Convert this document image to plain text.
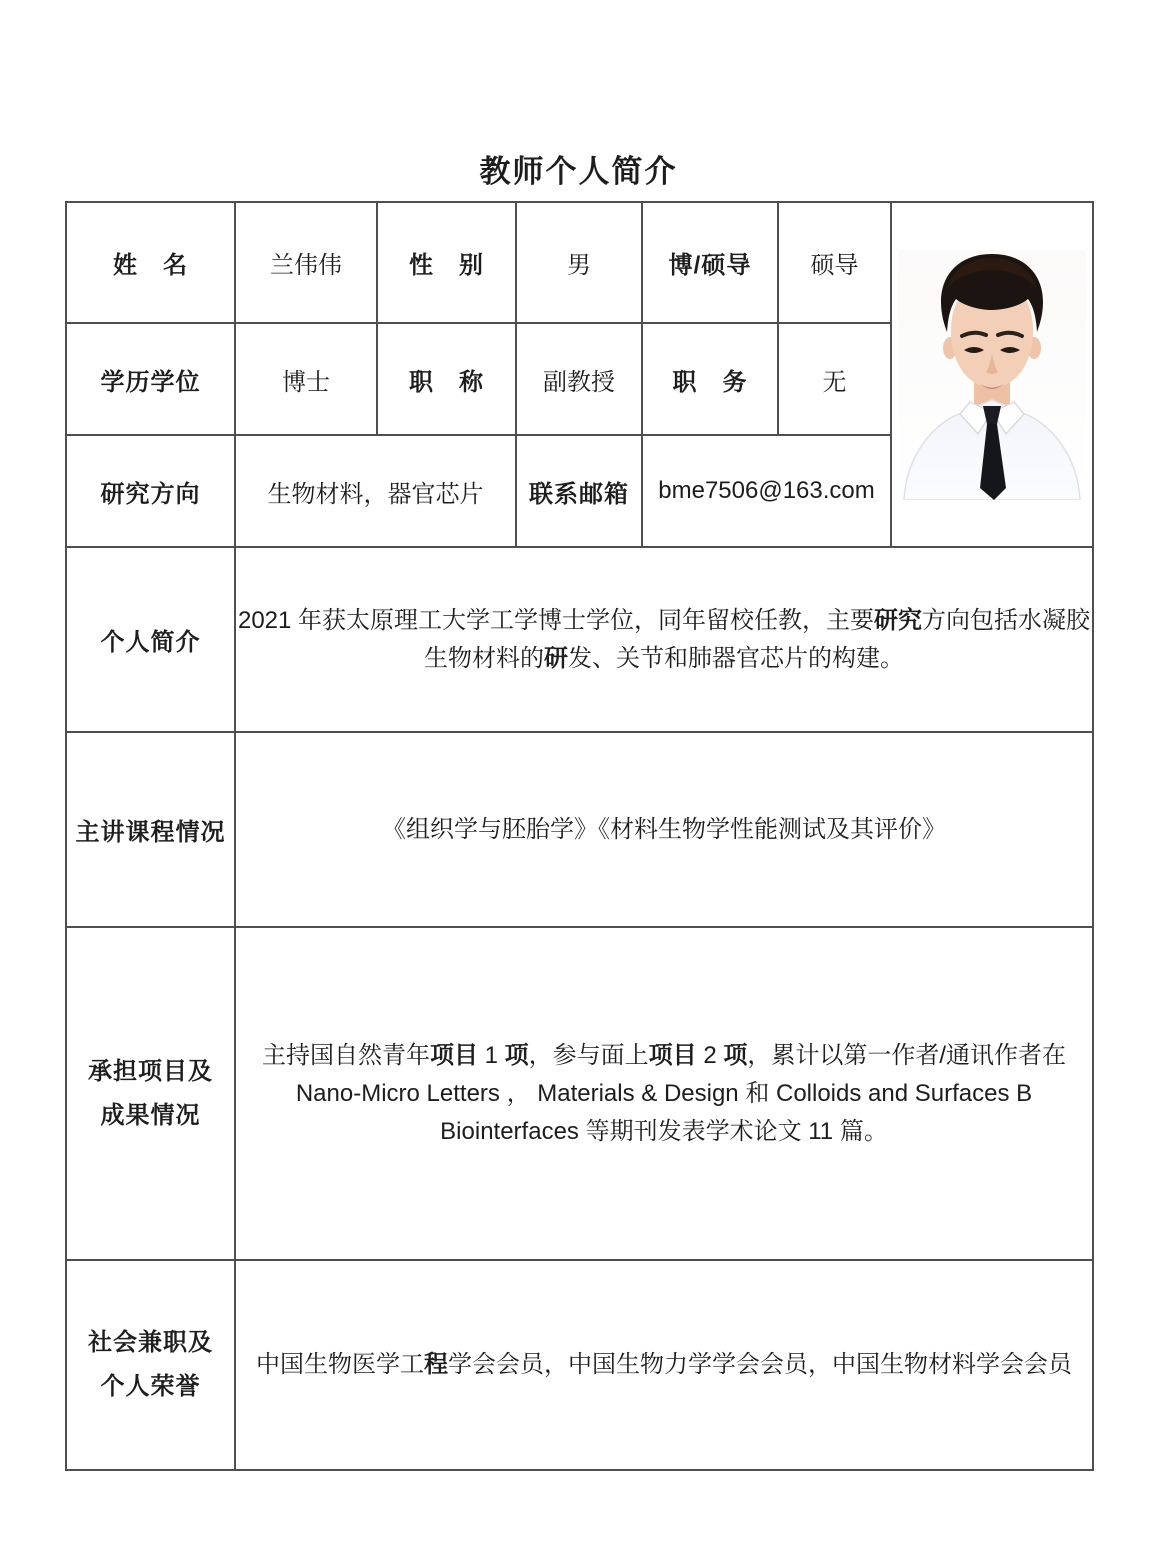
教师个人简介
姓　名	兰伟伟	性　别	男	博/硕导	硕导	

学历学位	博士	职　称	副教授	职　务	无	
研究方向	生物材料，器官芯片		联系邮箱	bme7506@163.com		
个人简介	2021 年获太原理工大学工学博士学位，同年留校任教，主要研究方向包括水凝胶生物材料的研发、关节和肺器官芯片的构建。					
主讲课程情况	《组织学与胚胎学》《材料生物学性能测试及其评价》					

承担项目及
成果情况	主持国自然青年项目 1 项，参与面上项目 2 项，累计以第一作者/通讯作者在 Nano-Micro Letters ， Materials & Design 和 Colloids and Surfaces B Biointerfaces 等期刊发表学术论文 11 篇。					

社会兼职及
个人荣誉	中国生物医学工程学会会员，中国生物力学学会会员，中国生物材料学会会员					
